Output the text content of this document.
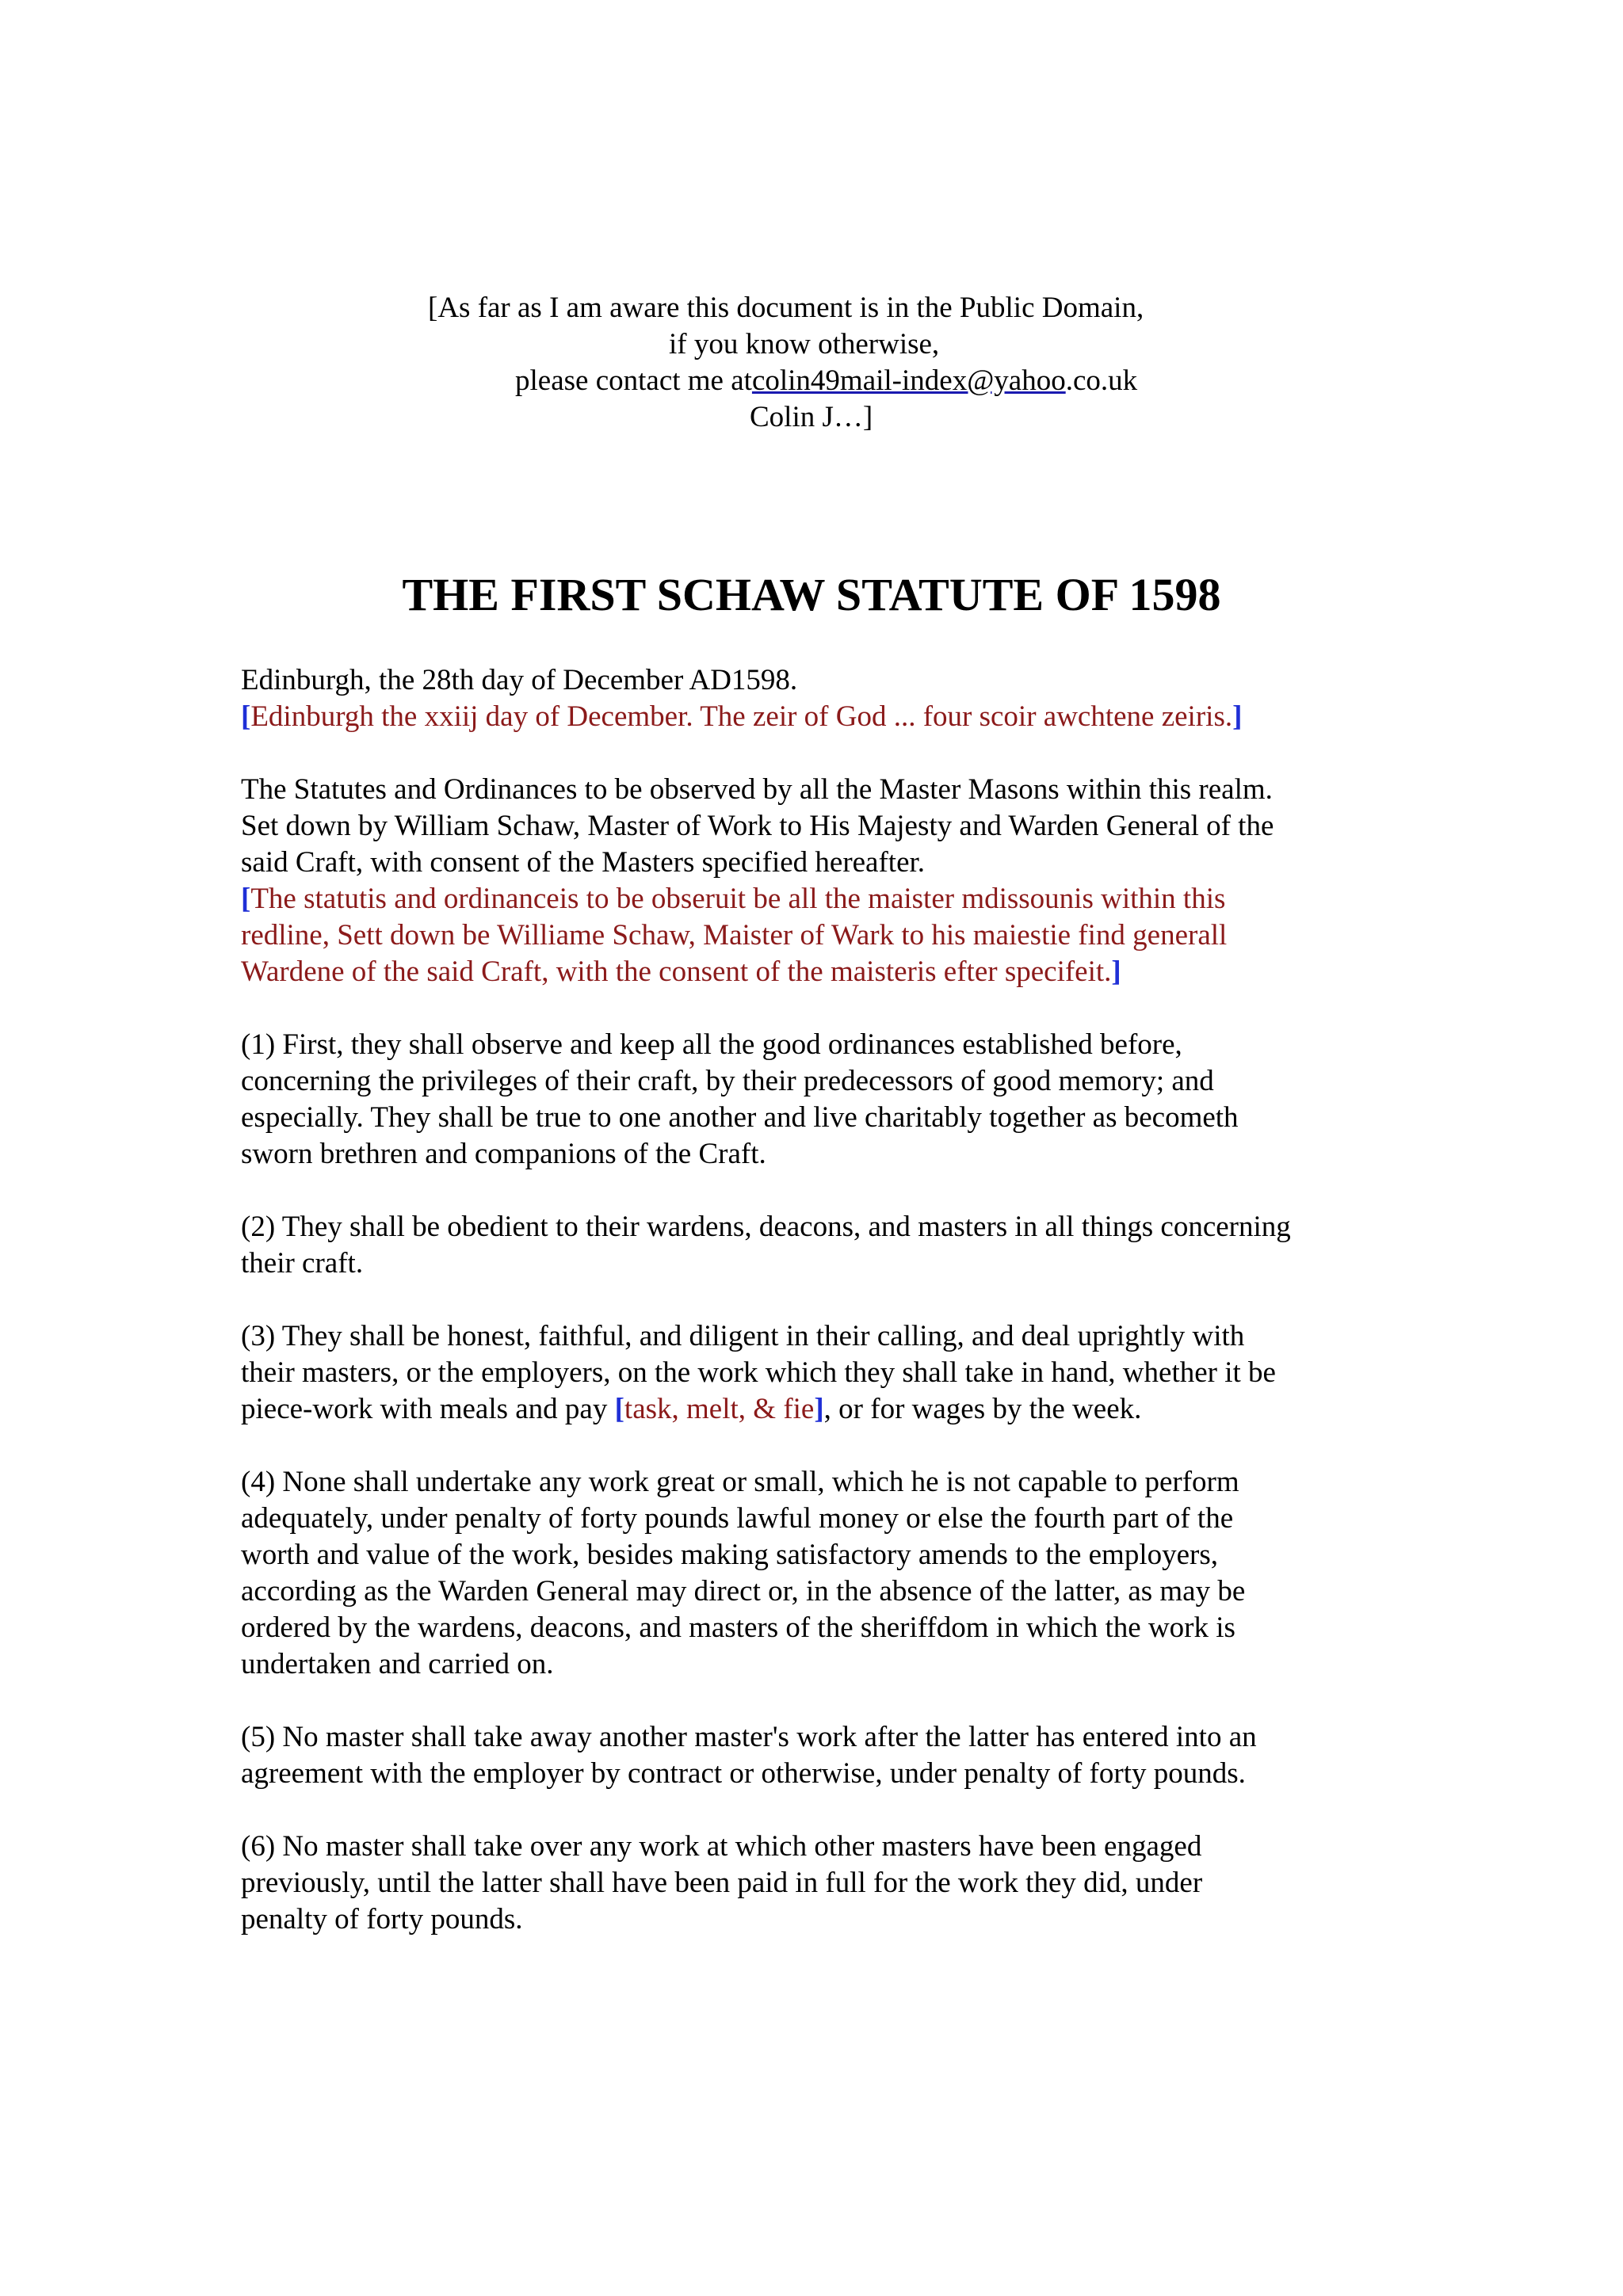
[As far as I am aware this document is in the Public Domain,
if you know otherwise,
please contact me atcolin49mail-index@yahoo.co.uk
Colin J…]
THE FIRST SCHAW STATUTE OF 1598

Edinburgh, the 28th day of December AD1598.
[Edinburgh the xxiij day of December. The zeir of God ... four scoir awchtene zeiris.]

The Statutes and Ordinances to be observed by all the Master Masons within this realm.
Set down by William Schaw, Master of Work to His Majesty and Warden General of the
said Craft, with consent of the Masters specified hereafter.
[The statutis and ordinanceis to be obseruit be all the maister mdissounis within this
redline, Sett down be Williame Schaw, Maister of Wark to his maiestie find generall
Wardene of the said Craft, with the consent of the maisteris efter specifeit.]

(1) First, they shall observe and keep all the good ordinances established before,
concerning the privileges of their craft, by their predecessors of good memory; and
especially. They shall be true to one another and live charitably together as becometh
sworn brethren and companions of the Craft.

(2) They shall be obedient to their wardens, deacons, and masters in all things concerning
their craft.

(3) They shall be honest, faithful, and diligent in their calling, and deal uprightly with
their masters, or the employers, on the work which they shall take in hand, whether it be
piece-work with meals and pay [task, melt, & fie], or for wages by the week.

(4) None shall undertake any work great or small, which he is not capable to perform
adequately, under penalty of forty pounds lawful money or else the fourth part of the
worth and value of the work, besides making satisfactory amends to the employers,
according as the Warden General may direct or, in the absence of the latter, as may be
ordered by the wardens, deacons, and masters of the sheriffdom in which the work is
undertaken and carried on.

(5) No master shall take away another master's work after the latter has entered into an
agreement with the employer by contract or otherwise, under penalty of forty pounds.

(6) No master shall take over any work at which other masters have been engaged
previously, until the latter shall have been paid in full for the work they did, under
penalty of forty pounds.
